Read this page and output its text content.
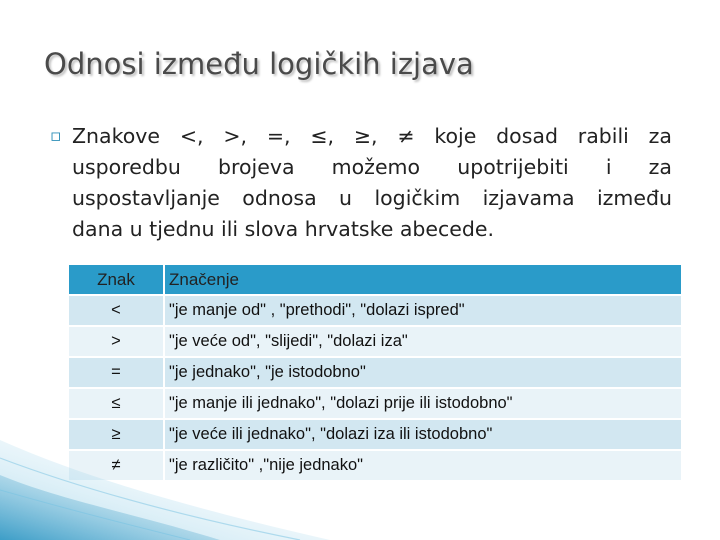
Odnosi između logičkih izjava
▫ Znakove <, >, =, ≤, ≥, ≠ koje dosad rabili za
usporedbu brojeva možemo upotrijebiti i za
uspostavljanje odnosa u logičkim izjavama između
dana u tjednu ili slova hrvatske abecede.
Znak	Značenje
<	"je manje od" , "prethodi", "dolazi ispred"
>	"je veće od", "slijedi", "dolazi iza"
=	"je jednako", "je istodobno"
≤	"je manje ili jednako", "dolazi prije ili istodobno"
≥	"je veće ili jednako", "dolazi iza ili istodobno"
≠	"je različito" ,"nije jednako"
